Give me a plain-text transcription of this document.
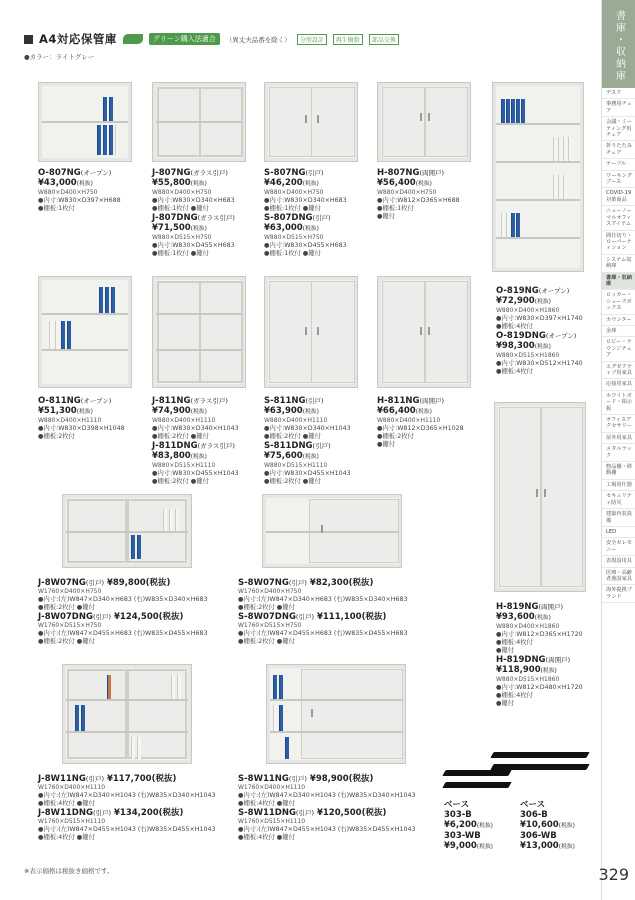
A4対応保管庫	グリーン購入法適合	（異丈夫品番を除く）	分別設計	再生樹脂	部品交換
●カラー：ライトグレー	書庫・収納庫
デスク
事務用チェア
会議・ミーティング用チェア
折りたたみチェア
テーブル
ワーキングブース
COVID-19対策商品
ニューノーマルオフィスアイテム
間仕切り・ローパーティション
システム収納庫
書庫・収納庫
ロッカー・シューズボックス
カウンター
金庫
ロビー・ラウンジチェア
エグゼクティブ用家具
応接用家具
ホワイトボード・掲示板
オフィスアクセサリー
屋外用家具
メタルラック
物品棚・移動棚
工場用什器
セキュリティ防災
建築内装設備
LED
安全セレモニー
表現設用具
医療・高齢者施設家具
海外提携ブランド
329
O-807NG(オープン)
¥43,000(税抜)
W880×D400×H750
●内寸:W830×D397×H688
●棚板:1枚付
J-807NG(ガラス引戸)
¥55,800(税抜)
W880×D400×H750
●内寸:W830×D340×H683
●棚板:1枚付 ●鍵付
J-807DNG(ガラス引戸)
¥71,500(税抜)
W880×D515×H750
●内寸:W830×D455×H683
●棚板:1枚付 ●鍵付
S-807NG(引戸)
¥46,200(税抜)
W880×D400×H750
●内寸:W830×D340×H683
●棚板:1枚付 ●鍵付
S-807DNG(引戸)
¥63,000(税抜)
W880×D515×H750
●内寸:W830×D455×H683
●棚板:1枚付 ●鍵付
H-807NG(両開戸)
¥56,400(税抜)
W880×D400×H750
●内寸:W812×D365×H688
●棚板:1枚付
●鍵付
O-819NG(オープン)
¥72,900(税抜)
W880×D400×H1860
●内寸:W830×D397×H1740
●棚板:4枚付
O-819DNG(オープン)
¥98,300(税抜)
W880×D515×H1860
●内寸:W830×D512×H1740
●棚板:4枚付
O-811NG(オープン)
¥51,300(税抜)
W880×D400×H1110
●内寸:W830×D398×H1048
●棚板:2枚付
J-811NG(ガラス引戸)
¥74,900(税抜)
W880×D400×H1110
●内寸:W830×D340×H1043
●棚板:2枚付 ●鍵付
J-811DNG(ガラス引戸)
¥83,800(税抜)
W880×D515×H1110
●内寸:W830×D455×H1043
●棚板:2枚付 ●鍵付
S-811NG(引戸)
¥63,900(税抜)
W880×D400×H1110
●内寸:W830×D340×H1043
●棚板:2枚付 ●鍵付
S-811DNG(引戸)
¥75,600(税抜)
W880×D515×H1110
●内寸:W830×D455×H1043
●棚板:2枚付 ●鍵付
H-811NG(両開戸)
¥66,400(税抜)
W880×D400×H1110
●内寸:W812×D365×H1028
●棚板:2枚付
●鍵付
H-819NG(両開戸)
¥93,600(税抜)
W880×D400×H1860
●内寸:W812×D365×H1720
●棚板:4枚付
●鍵付
H-819DNG(両開戸)
¥118,900(税抜)
W880×D515×H1860
●内寸:W812×D480×H1720
●棚板:4枚付
●鍵付
J-8W07NG(引戸) ¥89,800(税抜)
W1760×D400×H750
●内寸:(左)W847×D340×H683 (右)W835×D340×H683
●棚板:2枚付 ●鍵付
J-8W07DNG(引戸) ¥124,500(税抜)
W1760×D515×H750
●内寸:(左)W847×D455×H683 (右)W835×D455×H683
●棚板:2枚付 ●鍵付
S-8W07NG(引戸) ¥82,300(税抜)
W1760×D400×H750
●内寸:(左)W847×D340×H683 (右)W835×D340×H683
●棚板:2枚付 ●鍵付
S-8W07DNG(引戸) ¥111,100(税抜)
W1760×D515×H750
●内寸:(左)W847×D455×H683 (右)W835×D455×H683
●棚板:2枚付 ●鍵付
J-8W11NG(引戸) ¥117,700(税抜)
W1760×D400×H1110
●内寸:(左)W847×D340×H1043 (右)W835×D340×H1043
●棚板:4枚付 ●鍵付
J-8W11DNG(引戸) ¥134,200(税抜)
W1760×D515×H1110
●内寸:(左)W847×D455×H1043 (右)W835×D455×H1043
●棚板:4枚付 ●鍵付
S-8W11NG(引戸) ¥98,900(税抜)
W1760×D400×H1110
●内寸:(左)W847×D340×H1043 (右)W835×D340×H1043
●棚板:4枚付 ●鍵付
S-8W11DNG(引戸) ¥120,500(税抜)
W1760×D515×H1110
●内寸:(左)W847×D455×H1043 (右)W835×D455×H1043
●棚板:4枚付 ●鍵付
ベース
303-B
¥6,200(税抜)
303-WB
¥9,000(税抜)
ベース
306-B
¥10,600(税抜)
306-WB
¥13,000(税抜)
※表示価格は税抜き価格です。
